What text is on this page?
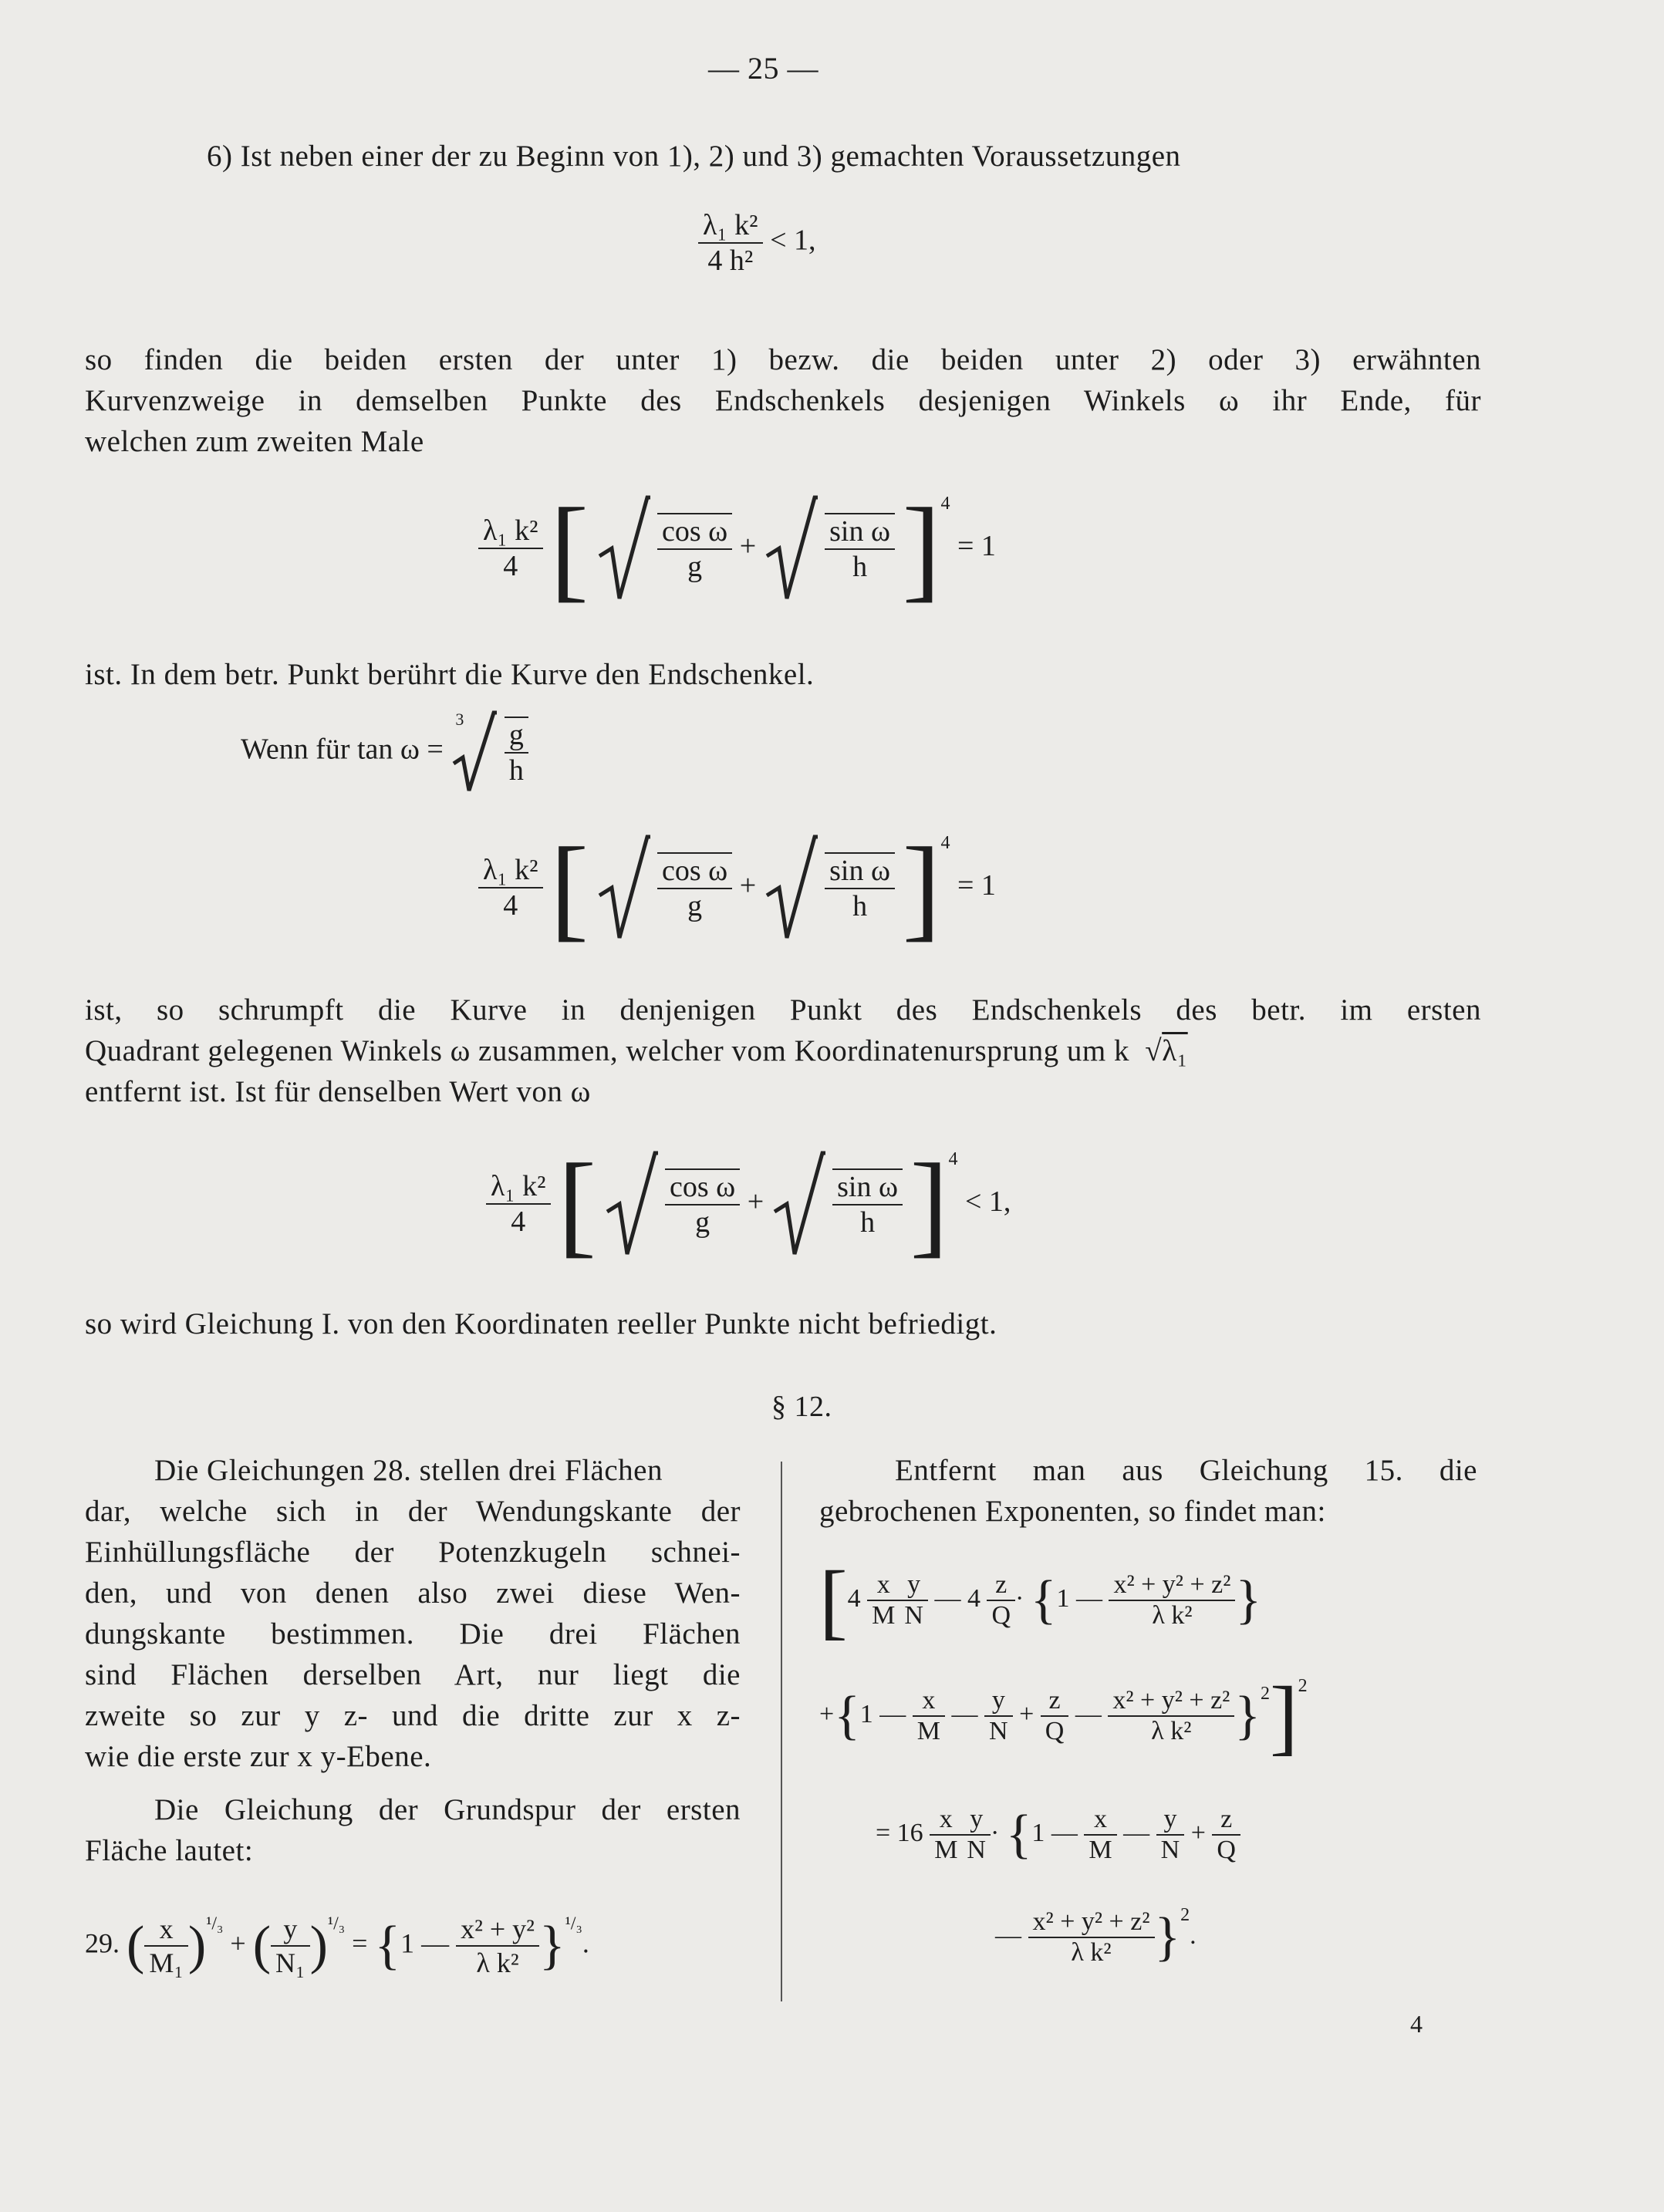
— 25 —
6) Ist neben einer der zu Beginn von 1), 2) und 3) gemachten Voraussetzungen
$\frac{\text{λ₁ k²}}{\text{4 h²}} < 1$,
so finden die beiden ersten der unter 1) bezw. die beiden unter 2) oder 3) erwähnten
Kurvenzweige in demselben Punkte des Endschenkels desjenigen Winkels ω ihr Ende, für
welchen zum zweiten Male
$\frac{\text{λ₁ k²}}{4}$ [ $\frac{\text{cos ω}}{g} + \frac{\text{sin ω}}{h} ]^4 = 1$
ist. In dem betr. Punkt berührt die Kurve den Endschenkel.
Wenn für tan ω =
3
$\frac{g}{h}$
$\frac{\text{λ₁ k²}}{4}$ [ $\frac{\text{cos ω}}{g} + \frac{\text{sin ω}}{h} ]^4 = 1$
ist, so schrumpft die Kurve in denjenigen Punkt des Endschenkels des betr. im ersten
Quadrant gelegenen Winkels ω zusammen, welcher vom Koordinatenursprung um k √λ₁
entfernt ist. Ist für denselben Wert von ω
$\frac{\text{λ₁ k²}}{4}$ [ $\frac{\text{cos ω}}{g} + \frac{\text{sin ω}}{h} ]^4 < 1$,
so wird Gleichung I. von den Koordinaten reeller Punkte nicht befriedigt.
§ 12.
Die Gleichungen 28. stellen drei Flächen
dar, welche sich in der Wendungskante der
Einhüllungsfläche der Potenzkugeln schnei-
den, und von denen also zwei diese Wen-
dungskante bestimmen. Die drei Flächen
sind Flächen derselben Art, nur liegt die
zweite so zur y z- und die dritte zur x z-
wie die erste zur x y-Ebene.
Die Gleichung der Grundspur der ersten
Fläche lautet:
29. ( $\frac{x}{\text{M₁}} )^{^1/_3}$ + ( $\frac{y}{\text{N₁}} )^{^1/_3} = \{1$ — $\frac{\text{x² + y²}}{\text{λ k²}} \}^{^1/_3}$.
Entfernt man aus Gleichung 15. die
gebrochenen Exponenten, so findet man:
[$4 \frac{x}{M} \frac{y}{N}$ — $4 \frac{z}{Q} \cdot \{1$ — $\frac{\text{x² + y² + z²}}{\text{λ k²}}$ }
+{1 — $\frac{x}{M}$ — $\frac{y}{N} + \frac{z}{Q}$ — $\frac{\text{x² + y² + z²}}{\text{λ k²}} \}^2]^2$
= $16 \frac{x}{M} \frac{y}{N} \cdot \{1$ — $\frac{x}{M}$ — $\frac{y}{N} + \frac{z}{Q}$
— $\frac{\text{x² + y² + z²}}{\text{λ k²}} \}^2$.
4
